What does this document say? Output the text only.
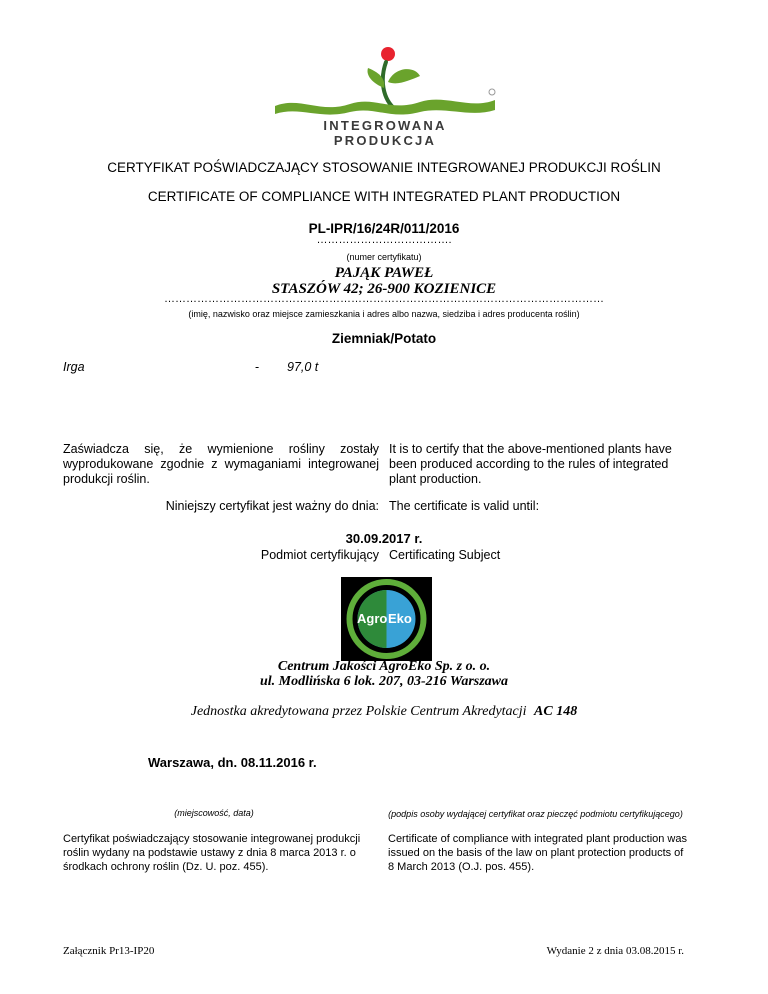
INTEGROWANA PRODUKCJA
CERTYFIKAT POŚWIADCZAJĄCY STOSOWANIE INTEGROWANEJ PRODUKCJI ROŚLIN
CERTIFICATE OF COMPLIANCE WITH INTEGRATED PLANT PRODUCTION
PL-IPR/16/24R/011/2016
……………………………….
(numer certyfikatu)
PAJĄK PAWEŁ
STASZÓW 42; 26-900 KOZIENICE
…………………………………………………………………………………………………………
(imię, nazwisko oraz miejsce zamieszkania i adres albo nazwa, siedziba i adres producenta roślin)
Ziemniak/Potato
Irga	- 97,0 t
Zaświadcza się, że wymienione rośliny zostały wyprodukowane zgodnie z wymaganiami integrowanej produkcji roślin.
It is to certify that the above-mentioned plants have been produced according to the rules of integrated plant production.
Niniejszy certyfikat jest ważny do dnia: The certificate is valid until:
30.09.2017 r.
Podmiot certyfikujący Certificating Subject
Agro Eko
Centrum Jakości AgroEko Sp. z o. o.
ul. Modlińska 6 lok. 207, 03-216 Warszawa
Jednostka akredytowana przez Polskie Centrum Akredytacji AC 148
Warszawa, dn. 08.11.2016 r.
(miejscowość, data)	(podpis osoby wydającej certyfikat oraz pieczęć podmiotu certyfikującego)
Certyfikat poświadczający stosowanie integrowanej produkcji roślin wydany na podstawie ustawy z dnia 8 marca 2013 r. o środkach ochrony roślin (Dz. U. poz. 455).
Certificate of compliance with integrated plant production was issued on the basis of the law on plant protection products of 8 March 2013 (O.J. pos. 455).
Załącznik Pr13-IP20	Wydanie 2 z dnia 03.08.2015 r.
